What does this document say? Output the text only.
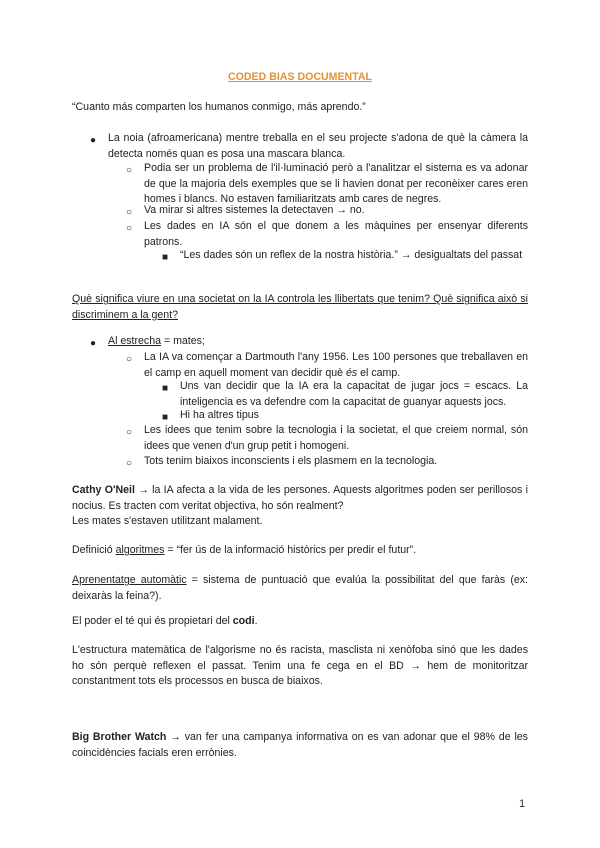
CODED BIAS DOCUMENTAL
“Cuanto más comparten los humanos conmigo, más aprendo.”
● La noia (afroamericana) mentre treballa en el seu projecte s'adona de què la càmera la detecta només quan es posa una mascara blanca.
○ Podia ser un problema de l'il·luminació però a l'analitzar el sistema es va adonar de que la majoria dels exemples que se li havien donat per reconèixer cares eren homes i blancs. No estaven familiaritzats amb cares de negres.
○ Va mirar si altres sistemes la detectaven → no.
○ Les dades en IA són el que donem a les màquines per ensenyar diferents patrons.
■ “Les dades són un reflex de la nostra història.” → desigualtats del passat
Què significa viure en una societat on la IA controla les llibertats que tenim? Què significa això si discriminem a la gent?
● Al estrecha = mates;
○ La IA va començar a Dartmouth l'any 1956. Les 100 persones que treballaven en el camp en aquell moment van decidir què és el camp.
■ Uns van decidir que la IA era la capacitat de jugar jocs = escacs. La inteligencia es va defendre com la capacitat de guanyar aquests jocs.
■ Hi ha altres tipus
○ Les idees que tenim sobre la tecnologia i la societat, el que creiem normal, són idees que venen d'un grup petit i homogeni.
○ Tots tenim biaixos inconscients i els plasmem en la tecnologia.
Cathy O'Neil → la IA afecta a la vida de les persones. Aquests algoritmes poden ser perillosos i nocius. Es tracten com veritat objectiva, ho són realment?
Les mates s'estaven utilitzant malament.
Definició algoritmes = “fer ús de la informació històrics per predir el futur”.
Aprenentatge automàtic = sistema de puntuació que evalúa la possibilitat del que faràs (ex: deixaràs la feina?).
El poder el té qui és propietari del codi.
L'estructura matemàtica de l'algorisme no és racista, masclista ni xenòfoba sinó que les dades ho són perquè reflexen el passat. Tenim una fe cega en el BD → hem de monitoritzar constantment tots els processos en busca de biaixos.
Big Brother Watch → van fer una campanya informativa on es van adonar que el 98% de les coincidències facials eren errònies.
1
